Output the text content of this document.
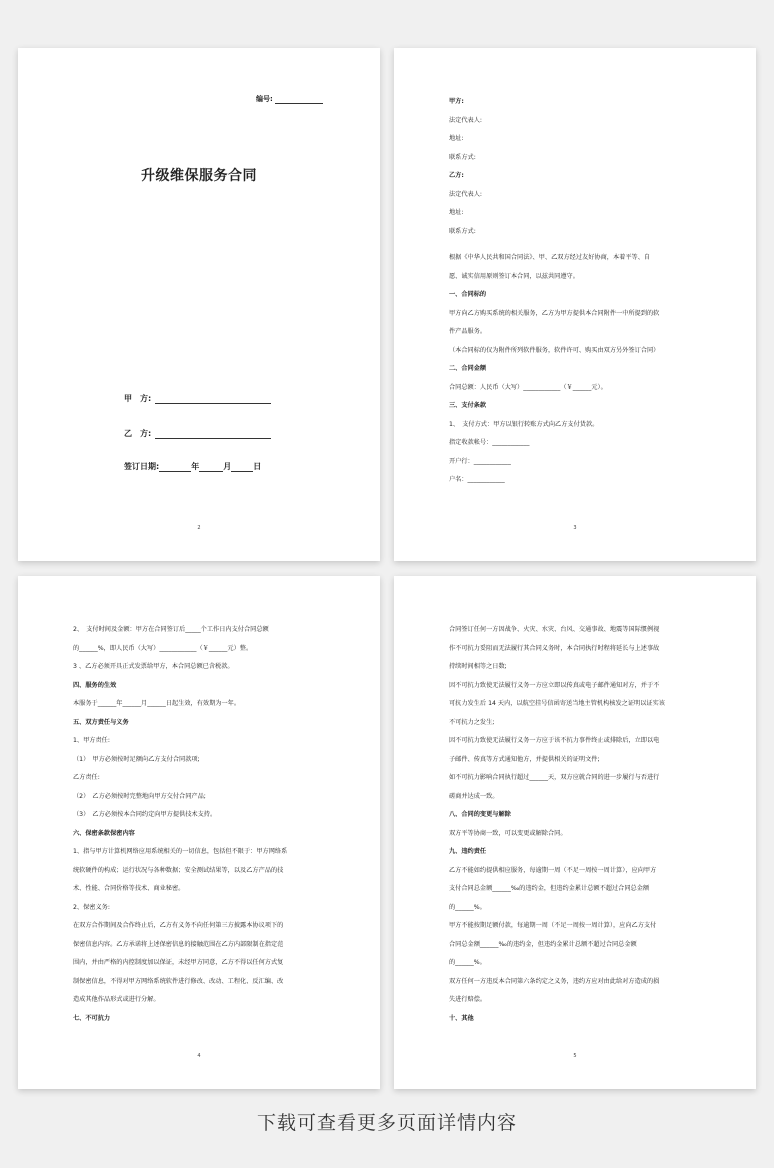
编号:
升级维保服务合同
甲　方:
乙　方:
签订日期:	年	月	日
2
甲方:
法定代表人:
地址:
联系方式:
乙方:
法定代表人:
地址:
联系方式:
根据《中华人民共和国合同法》、甲、乙双方经过友好协商，本着平等、自
愿、诚实信用原则签订本合同，以兹共同遵守。
一、合同标的
甲方向乙方购买系统的相关服务，乙方为甲方提供本合同附件一中所提到的软
件产品服务。
（本合同标的仅为附件所列软件服务，软件许可、购买由双方另外签订合同）
二、合同金额
合同总额：人民币（大写）____________（￥______元）。
三、支付条款
1、　支付方式：甲方以银行转账方式向乙方支付货款。
指定收款帐号：____________
开户行：____________
户名：____________
3
2、　支付时间及金额：甲方在合同签订后_____个工作日内支付合同总额
的______%，即人民币（大写）____________（￥______元）整。
3 、乙方必须开具正式发票给甲方，本合同总额已含税款。
四、服务的生效
本服务于______年______月______日起生效，有效期为一年。
五、双方责任与义务
1、甲方责任:
（1）　甲方必须按时足额向乙方支付合同款项;
乙方责任:
（2）　乙方必须按时完整地向甲方交付合同产品;
（3）　乙方必须按本合同约定向甲方提供技术支持。
六、保密条款保密内容
1、指与甲方计算机网络应用系统相关的一切信息，包括但不限于：甲方网络系
统软硬件的构成；运行状况与各种数据；安全测试结果等，以及乙方产品的技
术、性能、合同价格等技术、商业秘密。
2、保密义务:
在双方合作期间及合作终止后，乙方有义务不向任何第三方披露本协议项下的
保密信息内容。乙方承诺将上述保密信息的接触范围在乙方内部限制在指定范
围内，并由严格的内控制度加以保证，未经甲方同意，乙方不得以任何方式复
制保密信息，不得对甲方网络系统软件进行修改、改动、工程化、反汇编、改
造成其他作品形式或进行分解。
七、不可抗力
4
合同签订任何一方因战争、火灾、水灾、台风、交通事故、地震等国际惯例视
作不可抗力妥阻而无法履行其合同义务时，本合同执行时程将延长与上述事故
持续时间相等之日数;
因不可抗力致使无法履行义务一方应立即以传真或电子邮件通知对方，并于不
可抗力发生后 14 天内，以航空挂号信函寄送当地主管机构核发之证明以证实该
不可抗力之发生;
因不可抗力致使无法履行义务一方应于该不抗力事件终止或排除后，立即以电
子邮件、传真等方式通知他方，并提供相关的证明文件;
如不可抗力影响合同执行超过______天，双方应就合同的进一步履行与否进行
磋商并达成一致。
八、合同的变更与解除
双方平等协商一致，可以变更或解除合同。
九、违约责任
乙方不能如约提供相应服务，每逾期一周（不足一周按一周计算），应向甲方
支付合同总金额______‰的违约金，但违约金累计总额不超过合同总金额
的______%。
甲方不能按期足额付款，每逾期一周（不足一周按一周计算），应向乙方支付
合同总金额______‰的违约金，但违约金累计总额不超过合同总金额
的______%。
双方任何一方违反本合同第六条约定之义务，违约方应对由此给对方造成的损
失进行赔偿。
十、其他
5
下载可查看更多页面详情内容
